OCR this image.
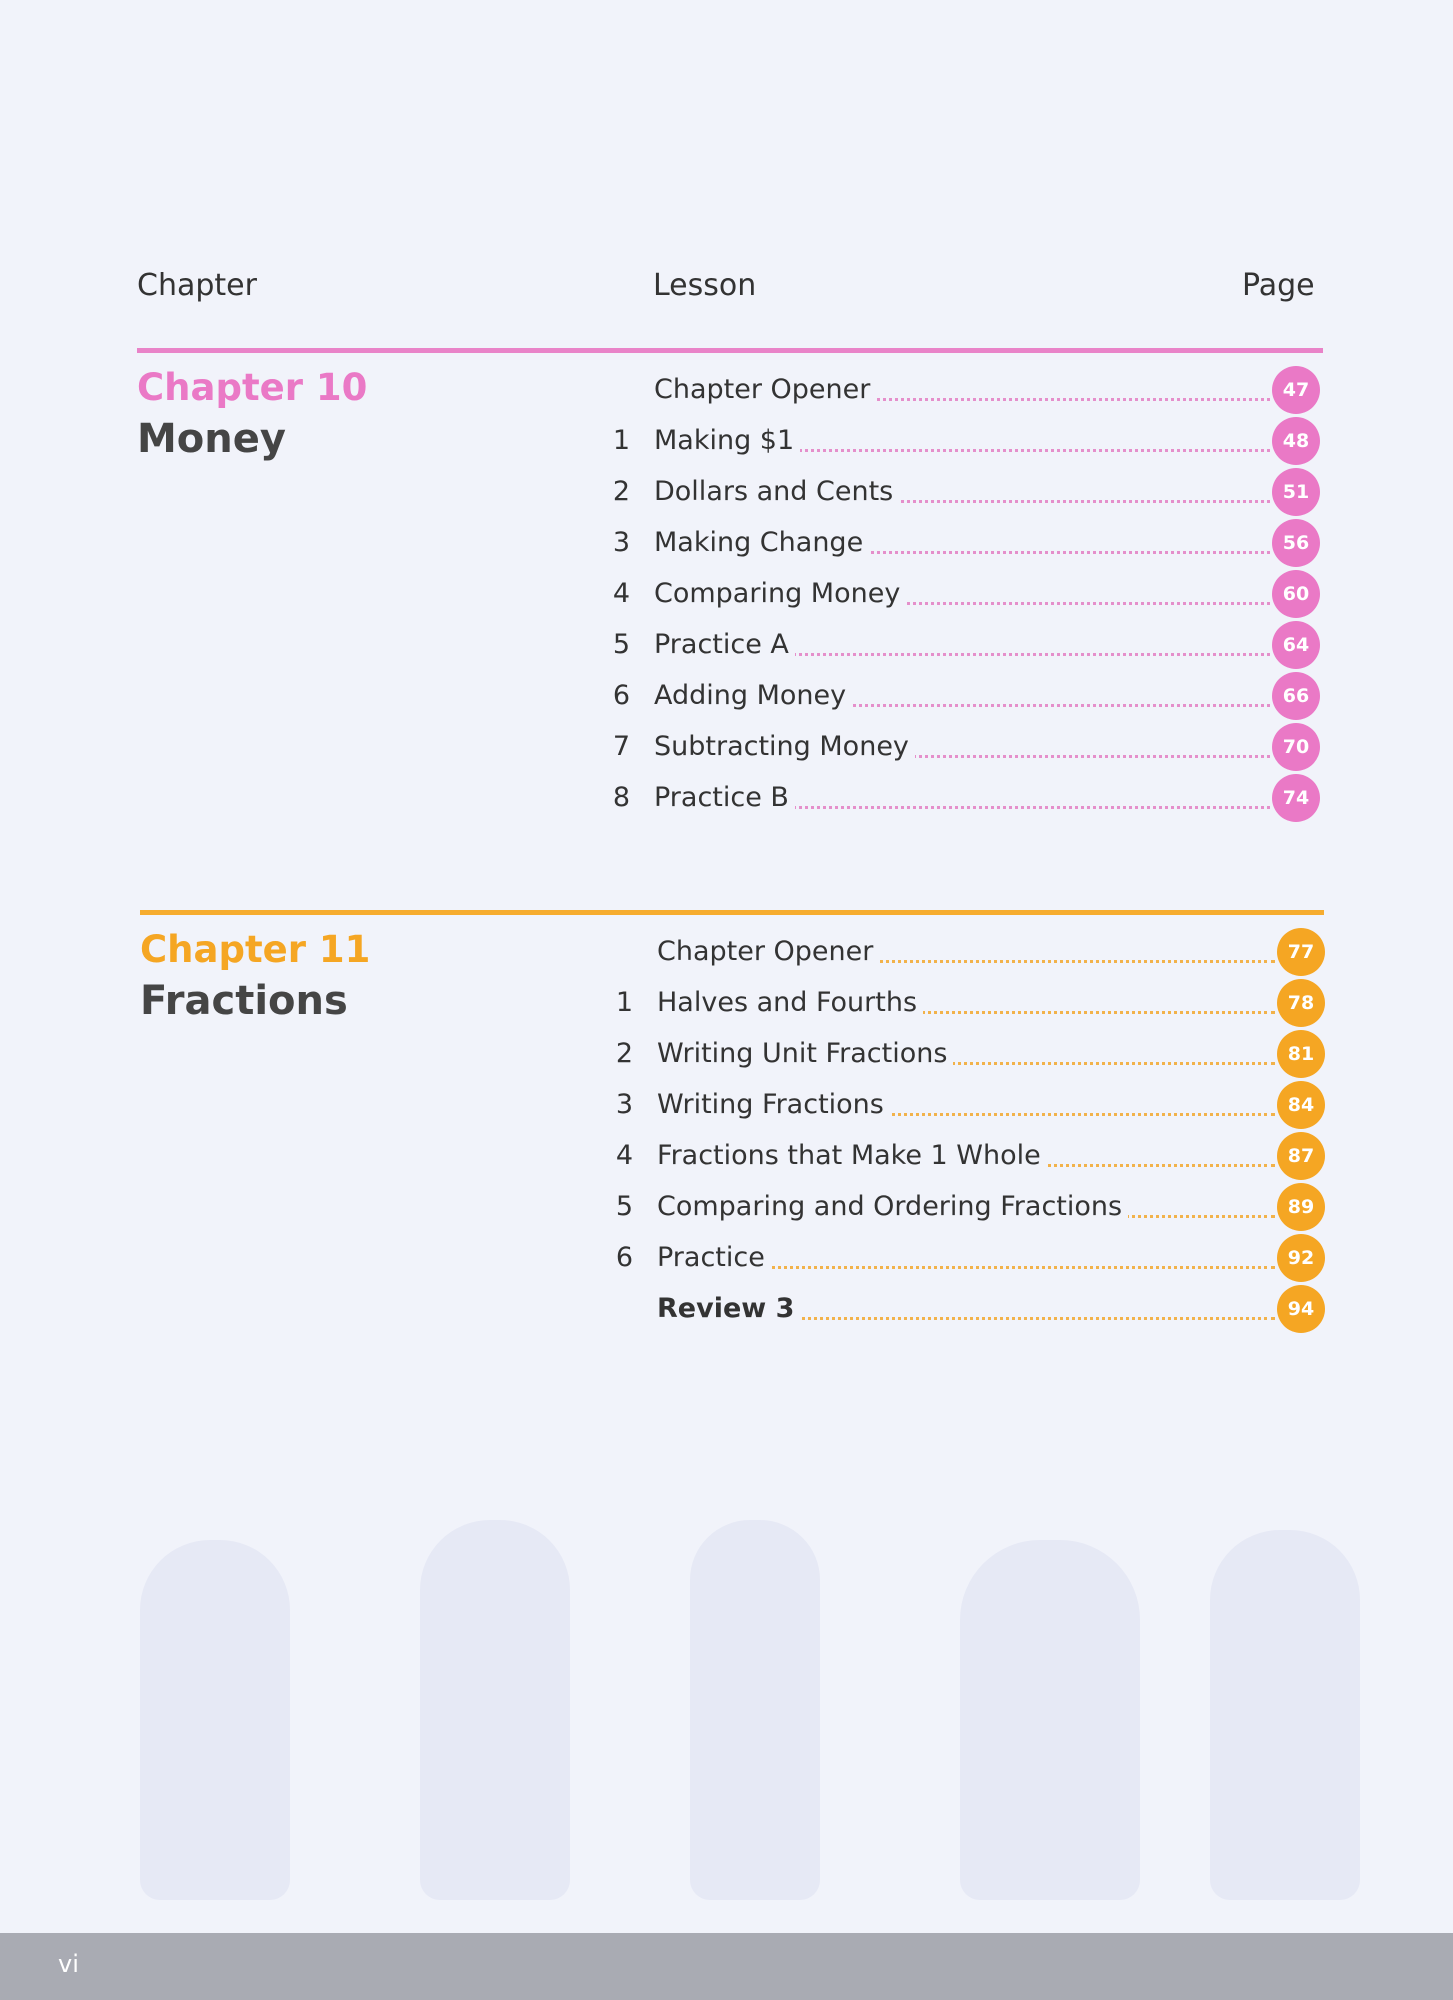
Chapter	Lesson	Page
Chapter 10
Money
Chapter Opener	47
1 Making $1	48
2 Dollars and Cents	51
3 Making Change	56
4 Comparing Money	60
5 Practice A	64
6 Adding Money	66
7 Subtracting Money	70
8 Practice B	74
Chapter 11
Fractions
Chapter Opener	77
1 Halves and Fourths	78
2 Writing Unit Fractions	81
3 Writing Fractions	84
4 Fractions that Make 1 Whole	87
5 Comparing and Ordering Fractions	89
6 Practice	92
Review 3	94
vi
